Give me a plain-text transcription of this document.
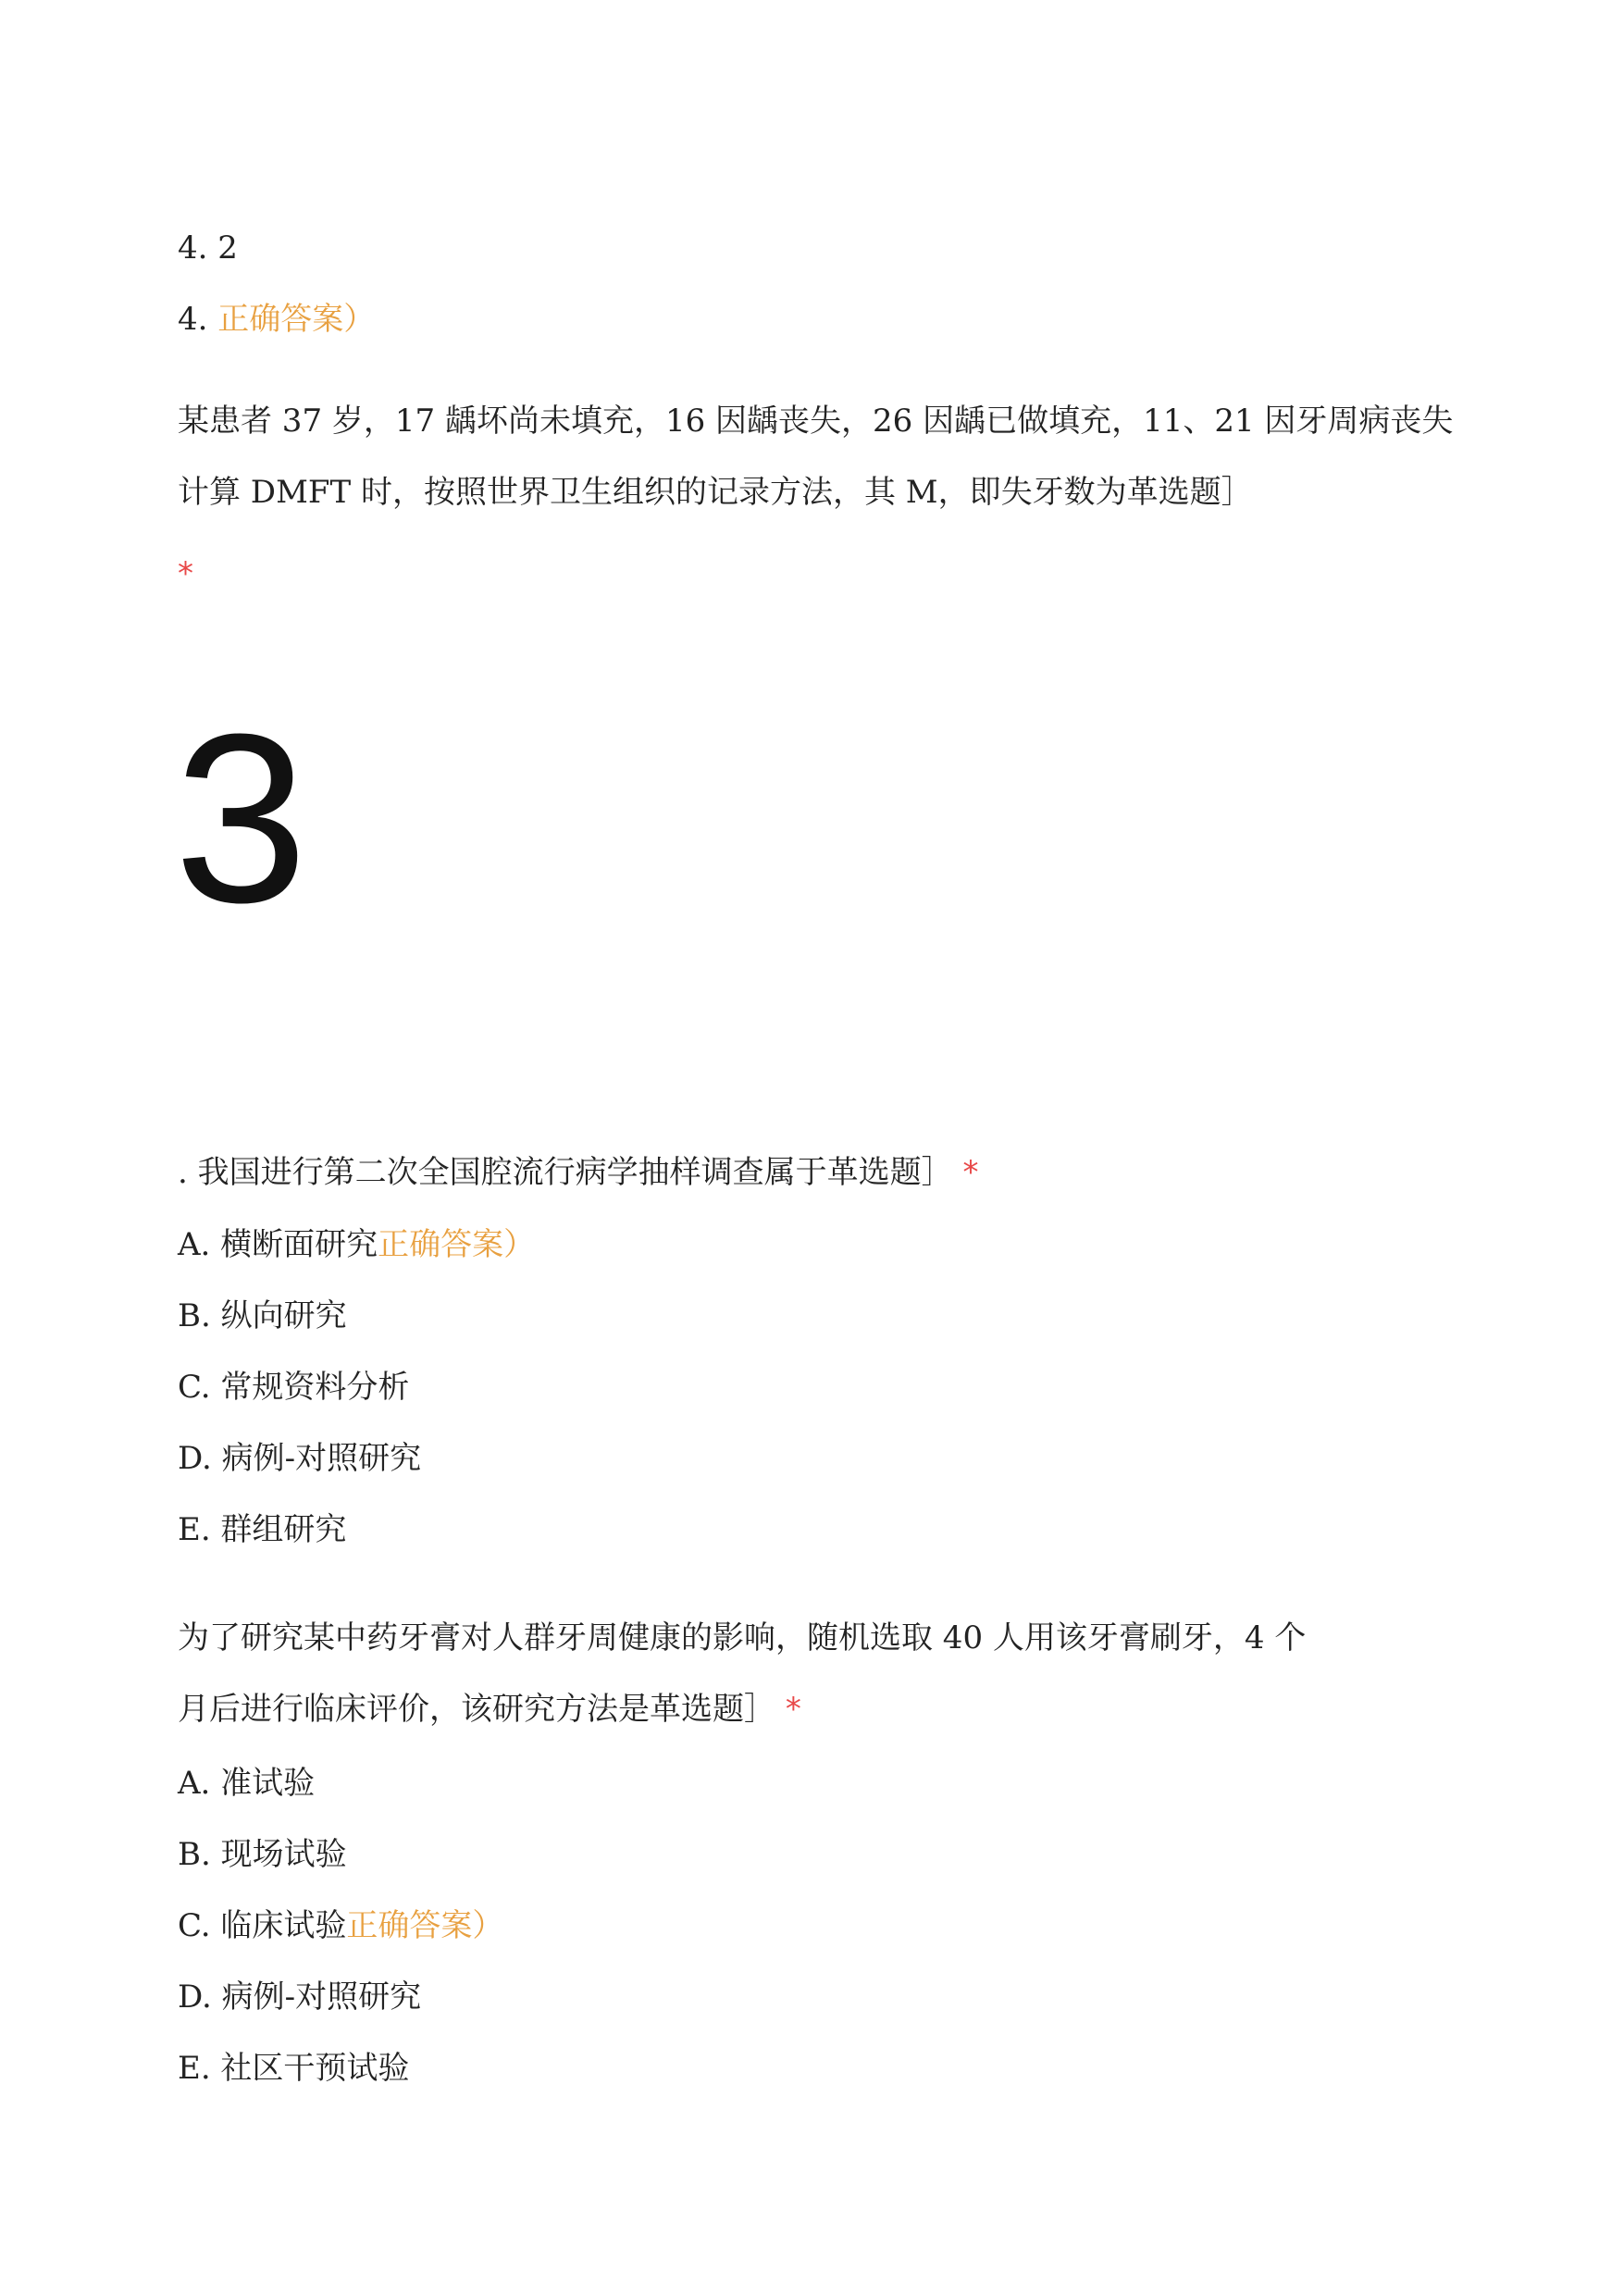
4. 2
4. 正确答案）
某患者 37 岁，17 龋坏尚未填充，16 因龋丧失，26 因龋已做填充，11、21 因牙周病丧失
计算 DMFT 时，按照世界卫生组织的记录方法，其 M，即失牙数为革选题］
*
3
. 我国进行第二次全国腔流行病学抽样调查属于革选题］ *
A. 横断面研究正确答案）
B. 纵向研究
C. 常规资料分析
D. 病例-对照研究
E. 群组研究
为了研究某中药牙膏对人群牙周健康的影响，随机选取 40 人用该牙膏刷牙，4 个
月后进行临床评价，该研究方法是革选题］ *
A. 准试验
B. 现场试验
C. 临床试验正确答案）
D. 病例-对照研究
E. 社区干预试验
